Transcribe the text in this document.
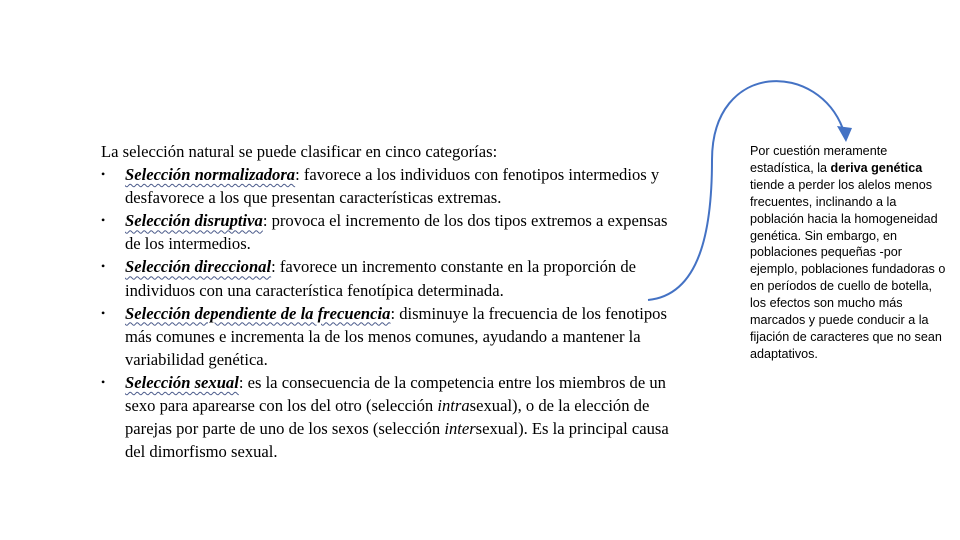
La selección natural se puede clasificar en cinco categorías:

• Selección normalizadora: favorece a los individuos con fenotipos intermedios y desfavorece a los que presentan características extremas.
• Selección disruptiva: provoca el incremento de los dos tipos extremos a expensas de los intermedios.
• Selección direccional: favorece un incremento constante en la proporción de individuos con una característica fenotípica determinada.
• Selección dependiente de la frecuencia: disminuye la frecuencia de los fenotipos más comunes e incrementa la de los menos comunes, ayudando a mantener la variabilidad genética.
• Selección sexual: es la consecuencia de la competencia entre los miembros de un sexo para aparearse con los del otro (selección intrasexual), o de la elección de parejas por parte de uno de los sexos (selección intersexual). Es la principal causa del dimorfismo sexual.
Por cuestión meramente estadística, la deriva genética tiende a perder los alelos menos frecuentes, inclinando a la población hacia la homogeneidad genética. Sin embargo, en poblaciones pequeñas -por ejemplo, poblaciones fundadoras o en períodos de cuello de botella, los efectos son mucho más marcados y puede conducir a la fijación de caracteres que no sean adaptativos.
